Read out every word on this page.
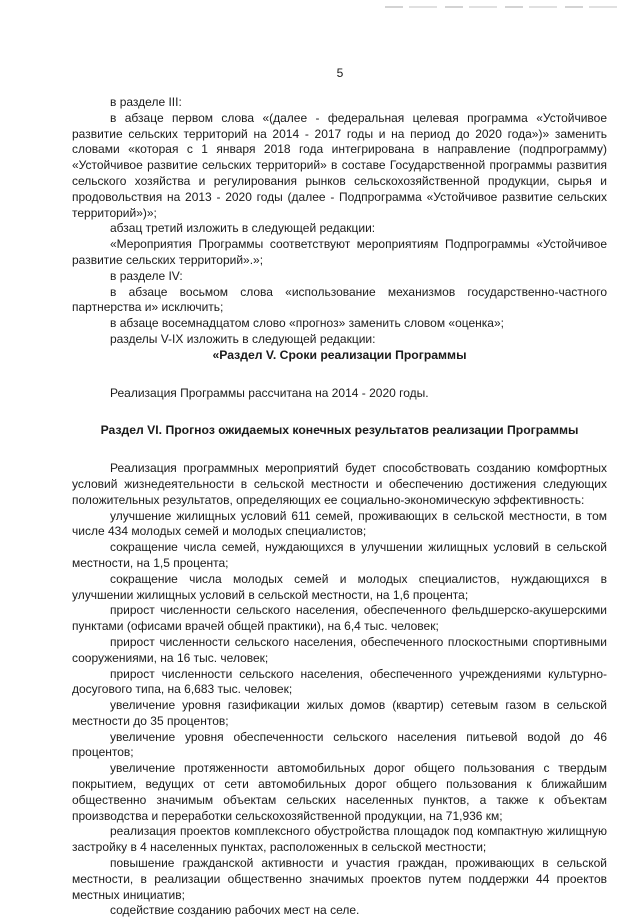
5

в разделе III:

в абзаце первом слова «(далее - федеральная целевая программа «Устойчивое развитие сельских территорий на 2014 - 2017 годы и на период до 2020 года»)» заменить словами «которая с 1 января 2018 года интегрирована в направление (подпрограмму) «Устойчивое развитие сельских территорий» в составе Государственной программы развития сельского хозяйства и регулирования рынков сельскохозяйственной продукции, сырья и продовольствия на 2013 - 2020 годы (далее - Подпрограмма «Устойчивое развитие сельских территорий»)»;

абзац третий изложить в следующей редакции:

«Мероприятия Программы соответствуют мероприятиям Подпрограммы «Устойчивое развитие сельских территорий».»;

в разделе IV:

в абзаце восьмом слова «использование механизмов государственно-частного партнерства и» исключить;

в абзаце восемнадцатом слово «прогноз» заменить словом «оценка»;

разделы V-IX изложить в следующей редакции:

«Раздел V. Сроки реализации Программы

Реализация Программы рассчитана на 2014 - 2020 годы.

Раздел VI. Прогноз ожидаемых конечных результатов реализации Программы

Реализация программных мероприятий будет способствовать созданию комфортных условий жизнедеятельности в сельской местности и обеспечению достижения следующих положительных результатов, определяющих ее социально-экономическую эффективность:

улучшение жилищных условий 611 семей, проживающих в сельской местности, в том числе 434 молодых семей и молодых специалистов;

сокращение числа семей, нуждающихся в улучшении жилищных условий в сельской местности, на 1,5 процента;

сокращение числа молодых семей и молодых специалистов, нуждающихся в улучшении жилищных условий в сельской местности, на 1,6 процента;

прирост численности сельского населения, обеспеченного фельдшерско-акушерскими пунктами (офисами врачей общей практики), на 6,4 тыс. человек;

прирост численности сельского населения, обеспеченного плоскостными спортивными сооружениями, на 16 тыс. человек;

прирост численности сельского населения, обеспеченного учреждениями культурно-досугового типа, на 6,683 тыс. человек;

увеличение уровня газификации жилых домов (квартир) сетевым газом в сельской местности до 35 процентов;

увеличение уровня обеспеченности сельского населения питьевой водой до 46 процентов;

увеличение протяженности автомобильных дорог общего пользования с твердым покрытием, ведущих от сети автомобильных дорог общего пользования к ближайшим общественно значимым объектам сельских населенных пунктов, а также к объектам производства и переработки сельскохозяйственной продукции, на 71,936 км;

реализация проектов комплексного обустройства площадок под компактную жилищную застройку в 4 населенных пунктах, расположенных в сельской местности;

повышение гражданской активности и участия граждан, проживающих в сельской местности, в реализации общественно значимых проектов путем поддержки 44 проектов местных инициатив;

содействие созданию рабочих мест на селе.
